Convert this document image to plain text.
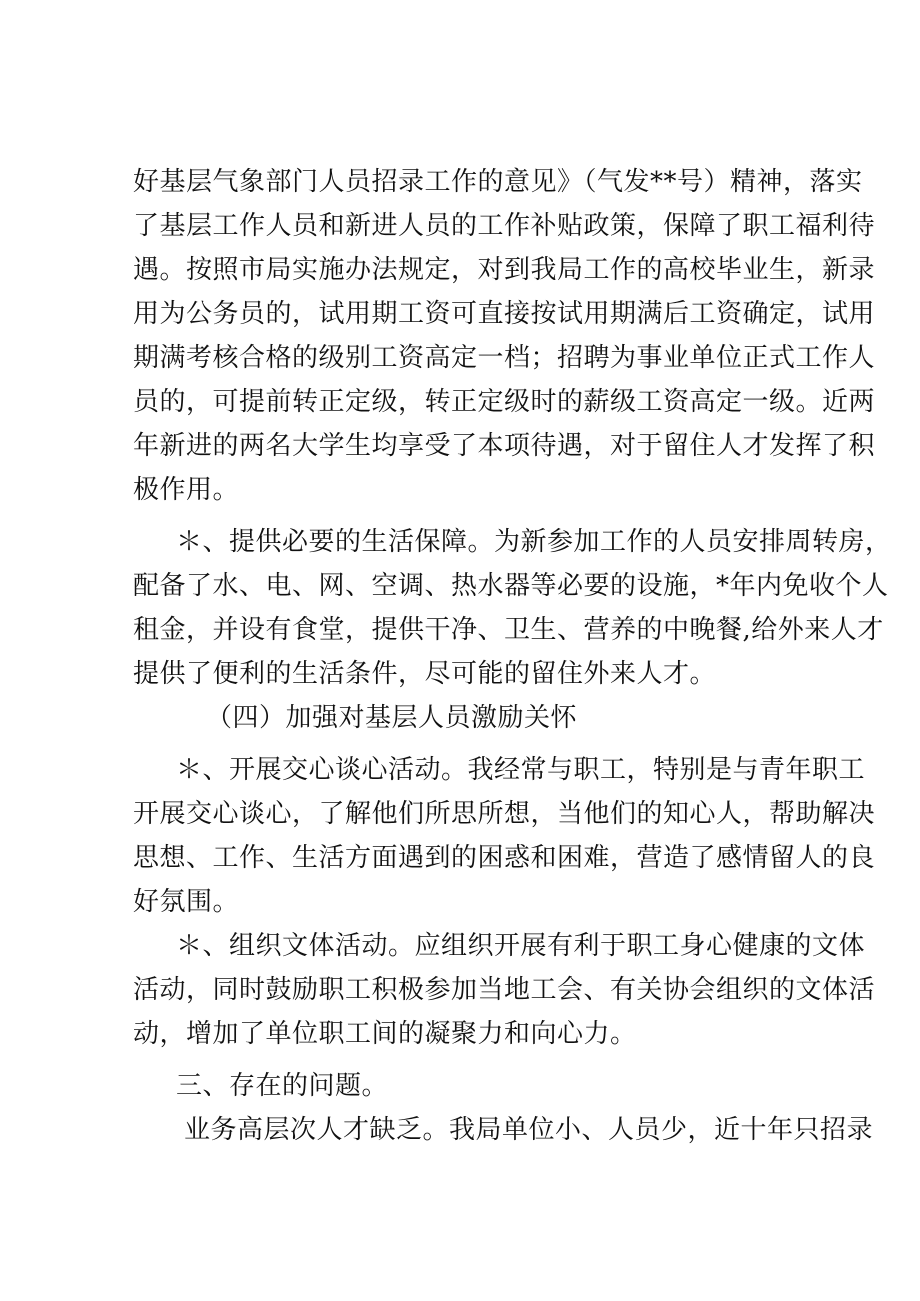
好基层气象部门人员招录工作的意见》（气发**号）精神，落实
了基层工作人员和新进人员的工作补贴政策，保障了职工福利待
遇。按照市局实施办法规定，对到我局工作的高校毕业生，新录
用为公务员的，试用期工资可直接按试用期满后工资确定，试用
期满考核合格的级别工资高定一档；招聘为事业单位正式工作人
员的，可提前转正定级，转正定级时的薪级工资高定一级。近两
年新进的两名大学生均享受了本项待遇，对于留住人才发挥了积
极作用。
＊、提供必要的生活保障。为新参加工作的人员安排周转房，
配备了水、电、网、空调、热水器等必要的设施，*年内免收个人
租金，并设有食堂，提供干净、卫生、营养的中晚餐,给外来人才
提供了便利的生活条件，尽可能的留住外来人才。
（四）加强对基层人员激励关怀
＊、开展交心谈心活动。我经常与职工，特别是与青年职工
开展交心谈心，了解他们所思所想，当他们的知心人，帮助解决
思想、工作、生活方面遇到的困惑和困难，营造了感情留人的良
好氛围。
＊、组织文体活动。应组织开展有利于职工身心健康的文体
活动，同时鼓励职工积极参加当地工会、有关协会组织的文体活
动，增加了单位职工间的凝聚力和向心力。
三、存在的问题。
业务高层次人才缺乏。我局单位小、人员少，近十年只招录
